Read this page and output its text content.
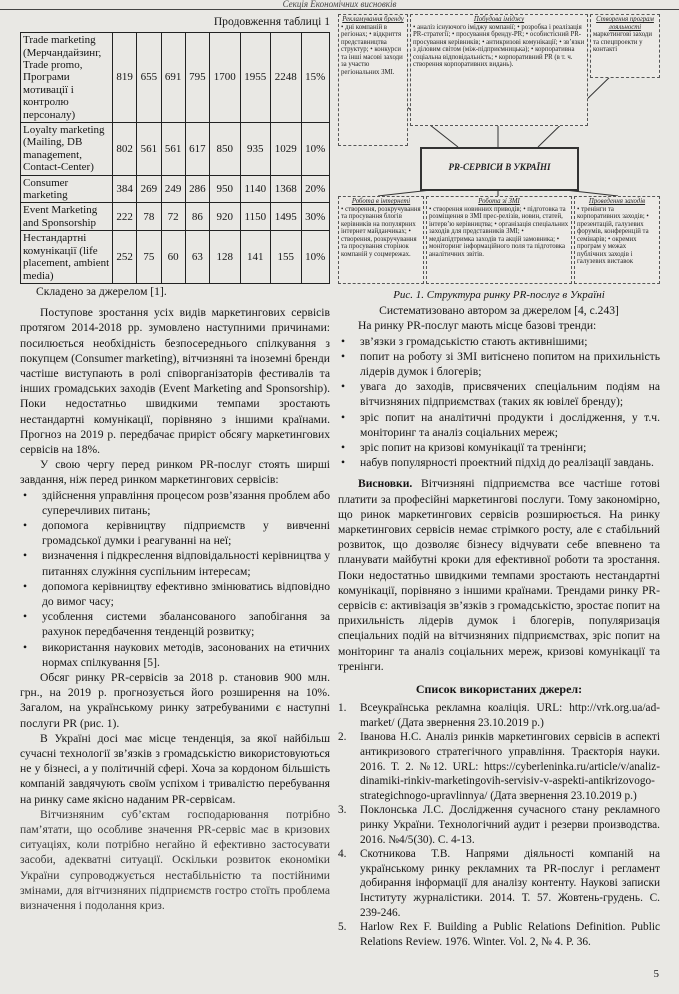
Секція Економічних висновків
Продовження таблиці 1
Trade marketing (Мерчандайзинг, Trade promo, Програми мотивації і контролю персоналу)	819	655	691	795	1700	1955	2248	15%
Loyalty marketing (Mailing, DB management, Contact-Center)	802	561	561	617	850	935	1029	10%
Consumer marketing	384	269	249	286	950	1140	1368	20%
Event Marketing and Sponsorship	222	78	72	86	920	1150	1495	30%
Нестандартні комунікації (life placement, ambient media)	252	75	60	63	128	141	155	10%
Складено за джерелом [1].

Поступове зростання усіх видів маркетингових сервісів протягом 2014-2018 рр. зумовлено наступними причинами: посилюється необхідність безпосереднього спілкування з покупцем (Consumer marketing), вітчизняні та іноземні бренди частіше виступають в ролі співорганізаторів фестивалів та інших громадських заходів (Event Marketing and Sponsorship). Поки недостатньо швидкими темпами зростають нестандартні комунікації, порівняно з іншими країнами. Прогноз на 2019 р. передбачає приріст обсягу маркетингових сервісів на 18%.

У свою чергу перед ринком PR-послуг стоять ширші завдання, ніж перед ринком маркетингових сервісів:

• здійснення управління процесом розв’язання проблем або суперечливих питань;
• допомога керівництву підприємств у вивченні громадської думки і реагуванні на неї;
• визначення і підкреслення відповідальності керівництва у питаннях служіння суспільним інтересам;
• допомога керівництву ефективно змінюватись відповідно до вимог часу;
• усоблення системи збалансованого запобігання за рахунок передбачення тенденцій розвитку;
• використання наукових методів, засонованих на етичних нормах спілкування [5].

Обсяг ринку PR-сервісів за 2018 р. становив 900 млн. грн., на 2019 р. прогнозується його розширення на 10%. Загалом, на українському ринку затребуваними є наступні послуги PR (рис. 1).

В Україні досі має місце тенденція, за якої найбільш сучасні технології зв’язків з громадськістю використовуються не у бізнесі, а у політичній сфері. Хоча за кордоном більшість компаній завдячують своїм успіхом і тривалістю перебування на ринку саме якісно наданим PR-сервісам.

Вітчизняним суб’єктам господарювання потрібно пам’ятати, що особливе значення PR-сервіс має в кризових ситуаціях, коли потрібно негайно й ефективно застосувати засоби, адекватні ситуації. Оскільки розвиток економіки України супроводжується нестабільністю та постійними змінами, для вітчизняних підприємств гостро стоїть проблема визначення і подолання криз.

Рекламування бренду
• дні компаній в регіонах; • відкриття представництва структур; • конкурси та інші масові заходи за участю регіональних ЗМІ.
Побудова іміджу
• аналіз існуючого іміджу компанії; • розробка і реалізація PR-стратегії; • просування бренду-PR; • особистісний PR-просування керівників; • антикризові комунікації; • зв’язки з діловим світом (між-підприємницька); • корпоративна соціальна відповідальність; • корпоративний PR (в т. ч. створення корпоративних видань).
Створення програм лояльності
маркетингові заходи та спецпроекти у контакті
PR-СЕРВІСИ В УКРАЇНІ
Робота в інтернеті
• створення, розкручування та просування блогів керівників на популярних інтернет майданчиках; • створення, розкручування та просування сторінок компаній у соцмережах.
Робота зі ЗМІ
• створення новинних приводів; • підготовка та розміщення в ЗМІ прес-релізів, новин, статей, інтерв’ю керівництва; • організація спеціальних заходів для представників ЗМІ; • медіапідтримка заходів та акцій замовника; • моніторинг інформаційного поля та підготовка аналітичних звітів.
Проведення заходів
• тренінги та корпоративних заходів; • презентацій, галузевих форумів, конференцій та семінарів; • окремих програм у межах публічних заходів і галузевих виставок
Рис. 1. Структура ринку PR-послуг в Україні
Систематизовано автором за джерелом [4, с.243]

На ринку PR-послуг мають місце базові тренди:

• зв’язки з громадськістю стають активнішими;
• попит на роботу зі ЗМІ витіснено попитом на прихильність лідерів думок і блогерів;
• увага до заходів, присвячених спеціальним подіям на вітчизняних підприємствах (таких як ювілеї бренду);
• зріс попит на аналітичні продукти і дослідження, у т.ч. моніторинг та аналіз соціальних мереж;
• зріс попит на кризові комунікації та тренінги;
• набув популярності проектний підхід до реалізації завдань.

Висновки. Вітчизняні підприємства все частіше готові платити за професійні маркетингові послуги. Тому закономірно, що ринок маркетингових сервісів розширюється. На ринку маркетингових сервісів немає стрімкого росту, але є стабільний розвиток, що дозволяє бізнесу відчувати себе впевнено та планувати майбутні кроки для ефективної роботи та зростання. Поки недостатньо швидкими темпами зростають нестандартні комунікації, порівняно з іншими країнами. Трендами ринку PR-сервісів є: активізація зв’язків з громадськістю, зростає попит на прихильність лідерів думок і блогерів, популяризація спеціальних подій на вітчизняних підприємствах, зріс попит на моніторинг та аналіз соціальних мереж, кризові комунікації та тренінги.

Список використаних джерел:
1. Всеукраїнська рекламна коаліція. URL: http://vrk.org.ua/ad-market/ (Дата звернення 23.10.2019 р.)
2. Іванова Н.С. Аналіз ринків маркетингових сервісів в аспекті антикризового стратегічного управління. Траєкторія науки. 2016. Т. 2. №12. URL: https://cyberleninka.ru/article/v/analiz-dinamiki-rinkiv-marketingovih-servisiv-v-aspekti-antikrizovogo-strategichnogo-upravlinnya/ (Дата звернення 23.10.2019 р.)
3. Поклонська Л.С. Дослідження сучасного стану рекламного ринку України. Технологічний аудит і резерви производства. 2016. №4/5(30). С. 4-13.
4. Скотникова Т.В. Напрями діяльності компаній на українському ринку рекламних та PR-послуг і регламент добирання інформації для аналізу контенту. Наукові записки Інституту журналістики. 2014. Т. 57. Жовтень-грудень. С. 239-246.
5. Harlow Rex F. Building a Public Relations Definition. Public Relations Review. 1976. Winter. Vol. 2, № 4. P. 36.
5
